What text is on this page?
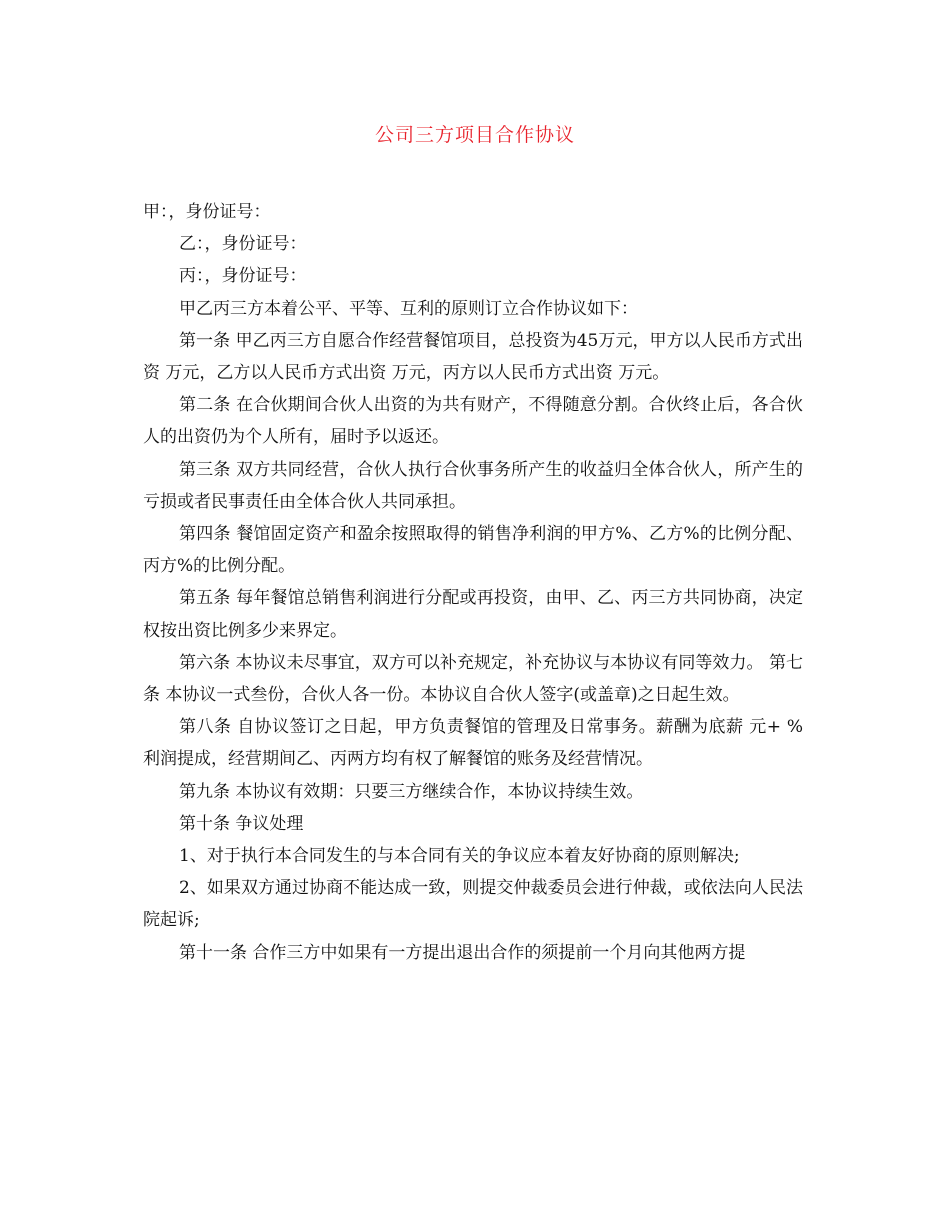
公司三方项目合作协议

甲：，身份证号：

乙：，身份证号：

丙：，身份证号：

甲乙丙三方本着公平、平等、互利的原则订立合作协议如下：

第一条 甲乙丙三方自愿合作经营餐馆项目，总投资为45万元，甲方以人民币方式出资 万元，乙方以人民币方式出资 万元，丙方以人民币方式出资 万元。

第二条 在合伙期间合伙人出资的为共有财产，不得随意分割。合伙终止后，各合伙人的出资仍为个人所有，届时予以返还。

第三条 双方共同经营，合伙人执行合伙事务所产生的收益归全体合伙人，所产生的亏损或者民事责任由全体合伙人共同承担。

第四条 餐馆固定资产和盈余按照取得的销售净利润的甲方%、乙方%的比例分配、丙方%的比例分配。

第五条 每年餐馆总销售利润进行分配或再投资，由甲、乙、丙三方共同协商，决定权按出资比例多少来界定。

第六条 本协议未尽事宜，双方可以补充规定，补充协议与本协议有同等效力。 第七条 本协议一式叁份，合伙人各一份。本协议自合伙人签字(或盖章)之日起生效。

第八条 自协议签订之日起，甲方负责餐馆的管理及日常事务。薪酬为底薪 元+ % 利润提成，经营期间乙、丙两方均有权了解餐馆的账务及经营情况。

第九条 本协议有效期：只要三方继续合作，本协议持续生效。

第十条 争议处理

1、对于执行本合同发生的与本合同有关的争议应本着友好协商的原则解决;

2、如果双方通过协商不能达成一致，则提交仲裁委员会进行仲裁，或依法向人民法院起诉;

第十一条 合作三方中如果有一方提出退出合作的须提前一个月向其他两方提
